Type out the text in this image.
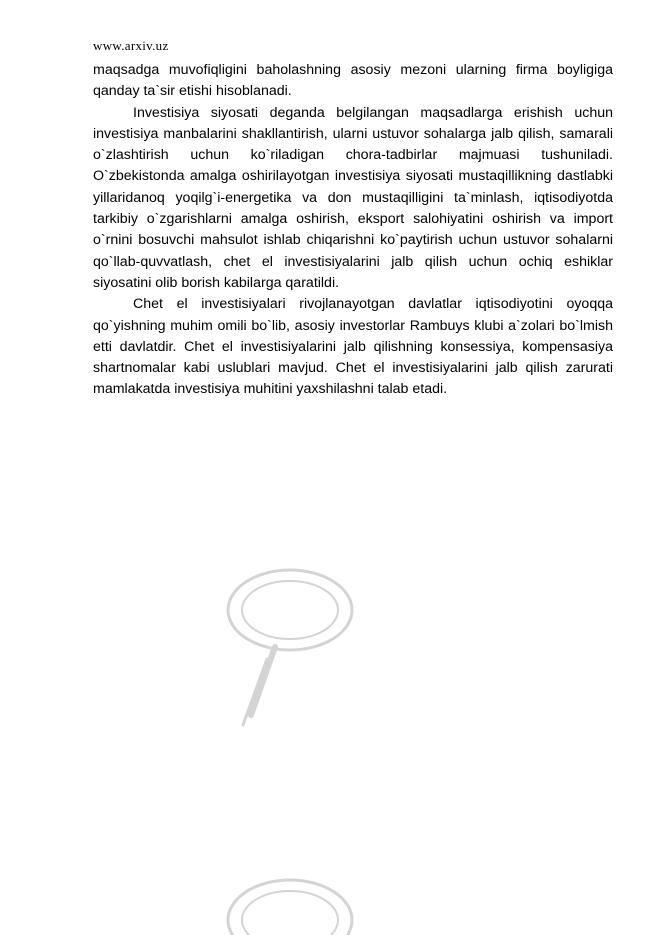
www.arxiv.uz

maqsadga muvofiqligini baholashning asosiy mezoni ularning firma boyligiga qanday ta`sir etishi hisoblanadi.

Investisiya siyosati deganda belgilangan maqsadlarga erishish uchun investisiya manbalarini shakllantirish, ularni ustuvor sohalarga jalb qilish, samarali o`zlashtirish uchun ko`riladigan chora-tadbirlar majmuasi tushuniladi. O`zbekistonda amalga oshirilayotgan investisiya siyosati mustaqillikning dastlabki yillaridanoq yoqilg`i-energetika va don mustaqilligini ta`minlash, iqtisodiyotda tarkibiy o`zgarishlarni amalga oshirish, eksport salohiyatini oshirish va import o`rnini bosuvchi mahsulot ishlab chiqarishni ko`paytirish uchun ustuvor sohalarni qo`llab-quvvatlash, chet el investisiyalarini jalb qilish uchun ochiq eshiklar siyosatini olib borish kabilarga qaratildi.

Chet el investisiyalari rivojlanayotgan davlatlar iqtisodiyotini oyoqqa qo`yishning muhim omili bo`lib, asosiy investorlar Rambuys klubi a`zolari bo`lmish etti davlatdir. Chet el investisiyalarini jalb qilishning konsessiya, kompensasiya shartnomalar kabi uslublari mavjud. Chet el investisiyalarini jalb qilish zarurati mamlakatda investisiya muhitini yaxshilashni talab etadi.
